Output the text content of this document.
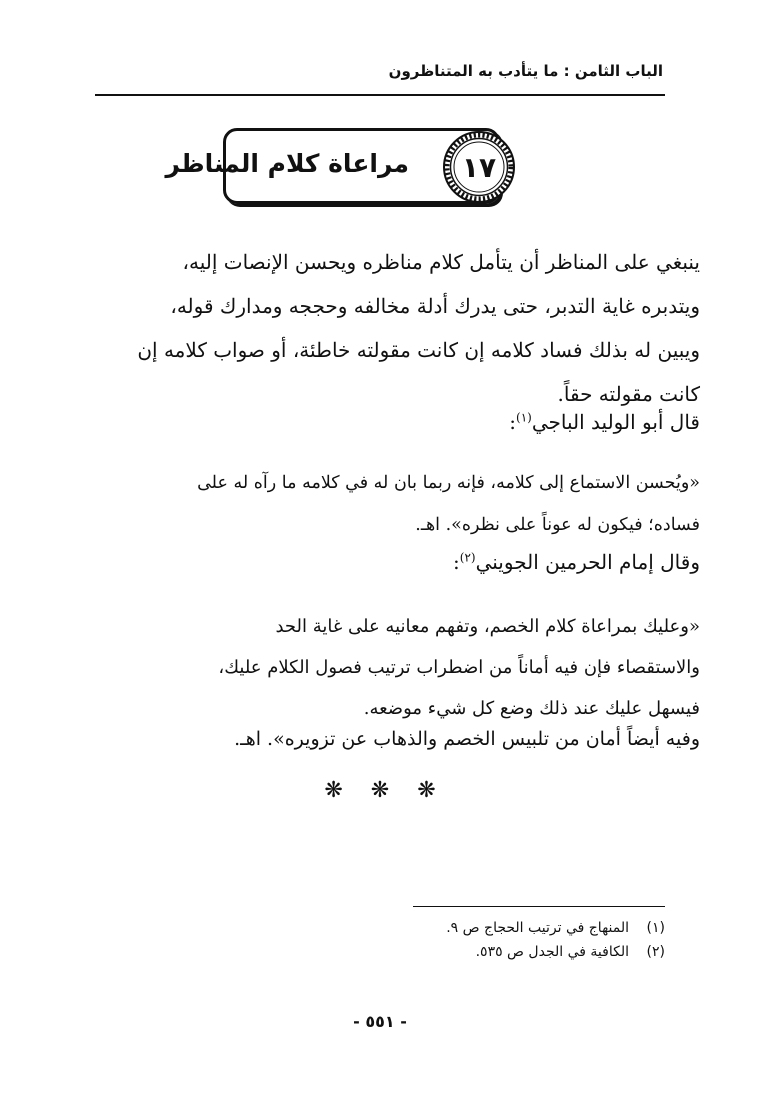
الباب الثامن : ما يتأدب به المتناظرون
مراعاة كلام المناظر	١٧
ينبغي على المناظر أن يتأمل كلام مناظره ويحسن الإنصات إليه،
ويتدبره غاية التدبر، حتى يدرك أدلة مخالفه وحججه ومدارك قوله،
ويبين له بذلك فساد كلامه إن كانت مقولته خاطئة، أو صواب كلامه إن
كانت مقولته حقاً.
قال أبو الوليد الباجي$^{(١)}$:
«ويُحسن الاستماع إلى كلامه، فإنه ربما بان له في كلامه ما رآه له على
فساده؛ فيكون له عوناً على نظره». اهـ.
وقال إمام الحرمين الجويني$^{(٢)}$:
«وعليك بمراعاة كلام الخصم، وتفهم معانيه على غاية الحد
والاستقصاء فإن فيه أماناً من اضطراب ترتيب فصول الكلام عليك،
فيسهل عليك عند ذلك وضع كل شيء موضعه.
وفيه أيضاً أمان من تلبيس الخصم والذهاب عن تزويره». اهـ.
❋
❋
❋
(١)المنهاج في ترتيب الحجاج ص ٩.
(٢)الكافية في الجدل ص ٥٣٥.
- ٥٥١ -
